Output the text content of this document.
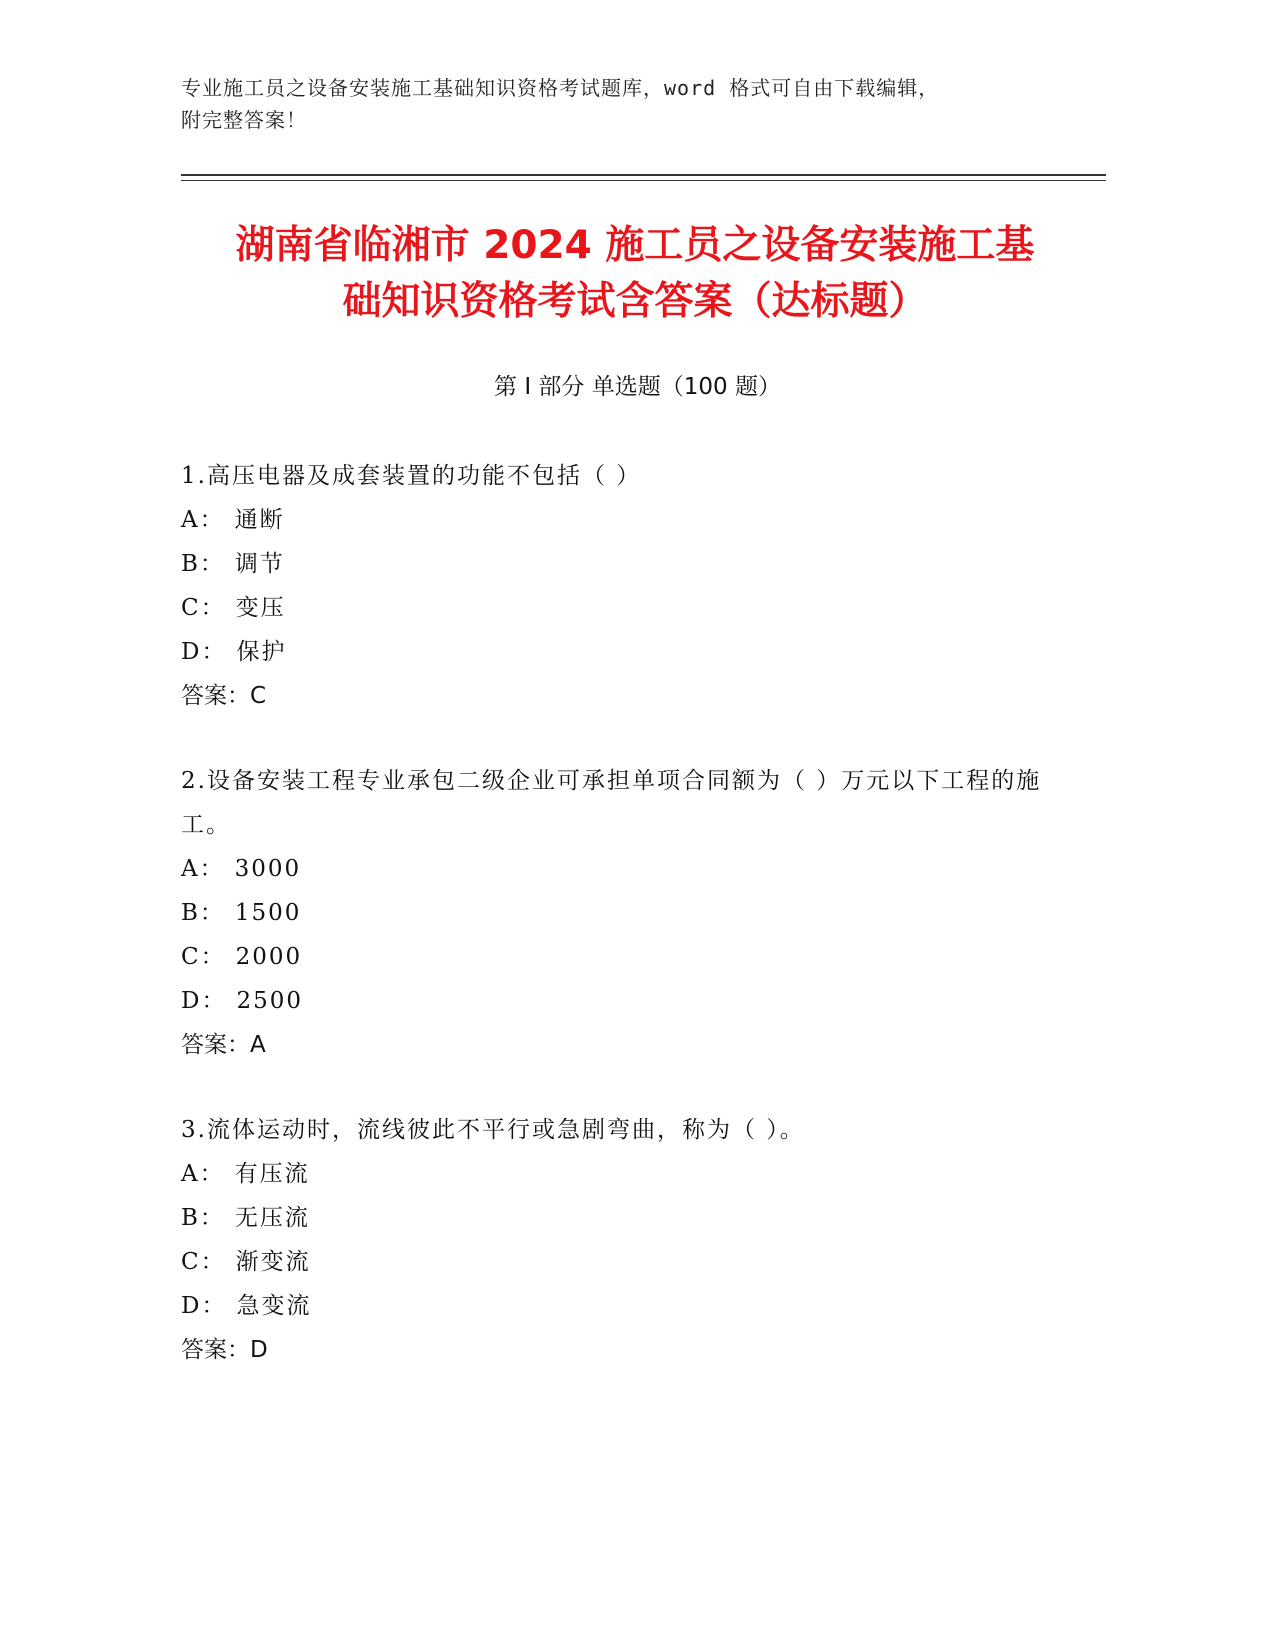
专业施工员之设备安装施工基础知识资格考试题库，word 格式可自由下载编辑，
附完整答案！
湖南省临湘市 2024 施工员之设备安装施工基
础知识资格考试含答案（达标题）
第 I 部分 单选题（100 题）

1.高压电器及成套装置的功能不包括（ ）

A： 通断

B： 调节

C： 变压

D： 保护

答案：C

2.设备安装工程专业承包二级企业可承担单项合同额为（ ）万元以下工程的施工。

A： 3000

B： 1500

C： 2000

D： 2500

答案：A

3.流体运动时，流线彼此不平行或急剧弯曲，称为（ ）。

A： 有压流

B： 无压流

C： 渐变流

D： 急变流

答案：D
